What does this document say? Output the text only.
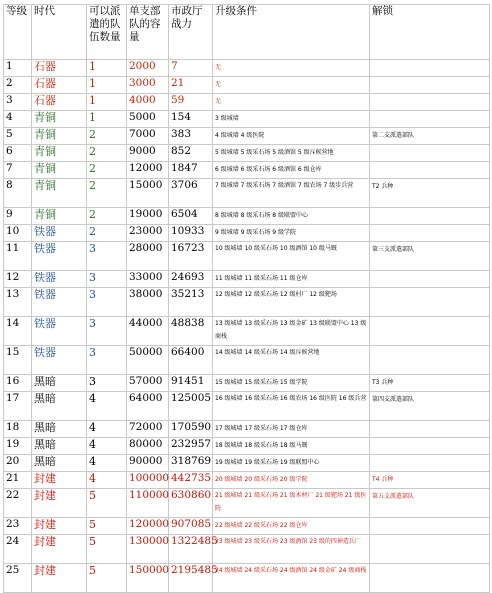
等级	时代	可以派遣的队伍数量	单支部队的容量	市政厅战力	升级条件	解锁
1	石器	1	2000	7	无	
2	石器	1	3000	21	无	
3	石器	1	4000	59	无	
4	青铜	1	5000	154	3 级城墙	
5	青铜	2	7000	383	4 级城墙 4 级医院	第二支派遣部队
6	青铜	2	9000	852	5 级城墙 5 级采石场 5 级酒馆 5 级斥候营地	
7	青铜	2	12000	1847	6 级城墙 6 级采石场 6 级酒馆 6 级仓库	
8	青铜	2	15000	3706	7 级城墙 7 级采石场 7 级酒馆 7 级农场 7 级步兵营	T2 兵种
9	青铜	2	19000	6504	8 级城墙 8 级采石场 8 级联盟中心	
10	铁器	2	23000	10933	9 级城墙 9 级采石场 9 级学院	
11	铁器	3	28000	16723	10 级城墙 10 级采石场 10 级酒馆 10 级马厩	第三支派遣部队
12	铁器	3	33000	24693	11 级城墙 11 级采石场 11 级仓库	
13	铁器	3	38000	35213	12 级城墙 12 级采石场 12 级村厂 12 级靶场	
14	铁器	3	44000	48838	13 级城墙 13 级采石场 13 级金矿 13 级联盟中心 13 级商栈	
15	铁器	3	50000	66400	14 级城墙 14 级采石场 14 级斥候营地	
16	黑暗	3	57000	91451	15 级城墙 15 级采石场 15 级学院	T3 兵种
17	黑暗	4	64000	125005	16 级城墙 16 级采石场 16 级农场 16 级医院 16 级兵营	第四支派遣部队
18	黑暗	4	72000	170590	17 级城墙 17 级采石场 17 级仓库	
19	黑暗	4	80000	232957	18 级城墙 18 级采石场 18 级马厩	
20	黑暗	4	90000	318769	19 级城墙 19 级采石场 19 级联盟中心	
21	封建	4	100000	442735	20 级城墙 20 级采石场 20 级学院	T4 兵种
22	封建	5	110000	630860	21 级城墙 21 级采石场 21 级木材厂 21 级靶场 21 级医院	第五支派遣部队
23	封建	5	120000	907085	22 级城墙 22 级采石场 22 级仓库	
24	封建	5	130000	1322485	23 级城墙 23 级采石场 23 级酒馆 23 级的四神造兵厂	
25	封建	5	150000	2195485	24 级城墙 24 级采石场 24 级酒馆 24 级金矿 24 级商栈	
